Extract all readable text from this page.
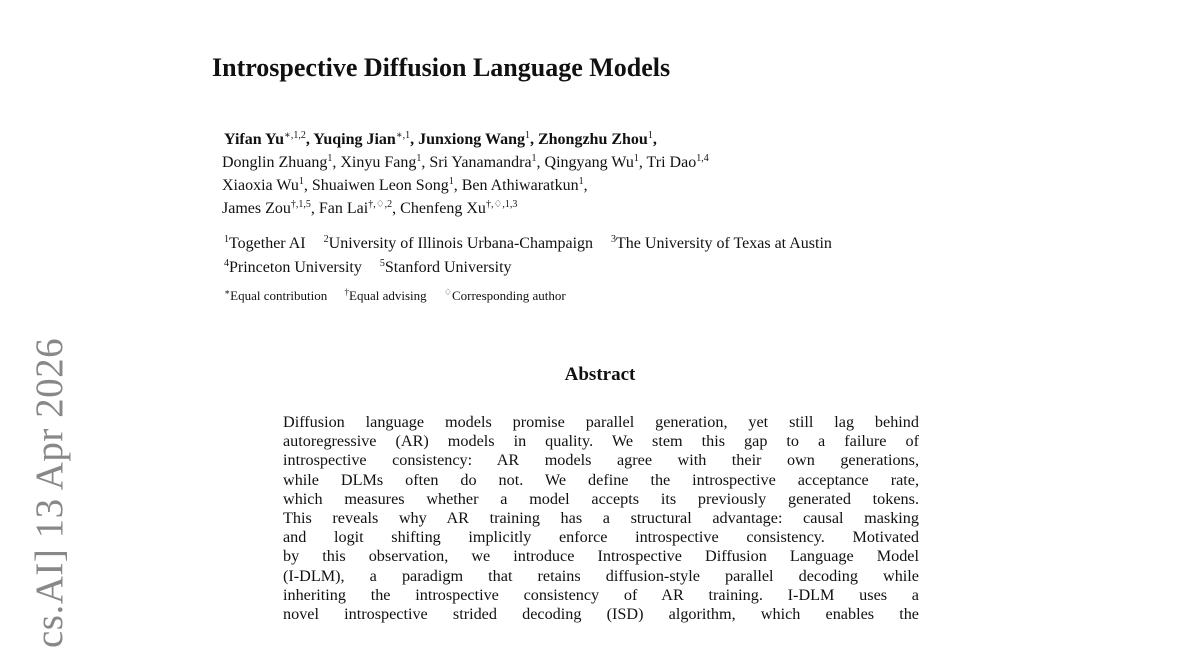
cs.AI] 13 Apr 2026
Introspective Diffusion Language Models
Yifan $Yu^{∗,1,2}$, Yuqing Jian$^{∗,1}$, Junxiong Wang$^1$, Zhongzhu Zhou$^1$,
Donglin Zhuang$^1$, Xinyu Fang$^1$, Sri Yanamandra$^1$, Qingyang Wu$^1$, Tri Dao$^{1,4}$
Xiaoxia Wu$^1$, Shuaiwen Leon Song$^1$, Ben Athiwaratkun$^1$,
James Zou$^{\dagger,1,5}$, Fan Lai$^{\dagger,♢,2}$, Chenfeng $Xu^{\dagger,♢,1,3}$
$^1$Together AI $^2$University of Illinois Urbana-Champaign $^3$The University of Texas at Austin
$^4$Princeton University $^5$Stanford University
∗Equal contribution †Equal advising ♢Corresponding author
Abstract
Diffusion language models promise parallel generation, yet still lag behind
autoregressive (AR) models in quality. We stem this gap to a failure of
introspective consistency: AR models agree with their own generations,
while DLMs often do not. We define the introspective acceptance rate,
which measures whether a model accepts its previously generated tokens.
This reveals why AR training has a structural advantage: causal masking
and logit shifting implicitly enforce introspective consistency. Motivated
by this observation, we introduce Introspective Diffusion Language Model
(I-DLM), a paradigm that retains diffusion-style parallel decoding while
inheriting the introspective consistency of AR training. I-DLM uses a
novel introspective strided decoding (ISD) algorithm, which enables the
